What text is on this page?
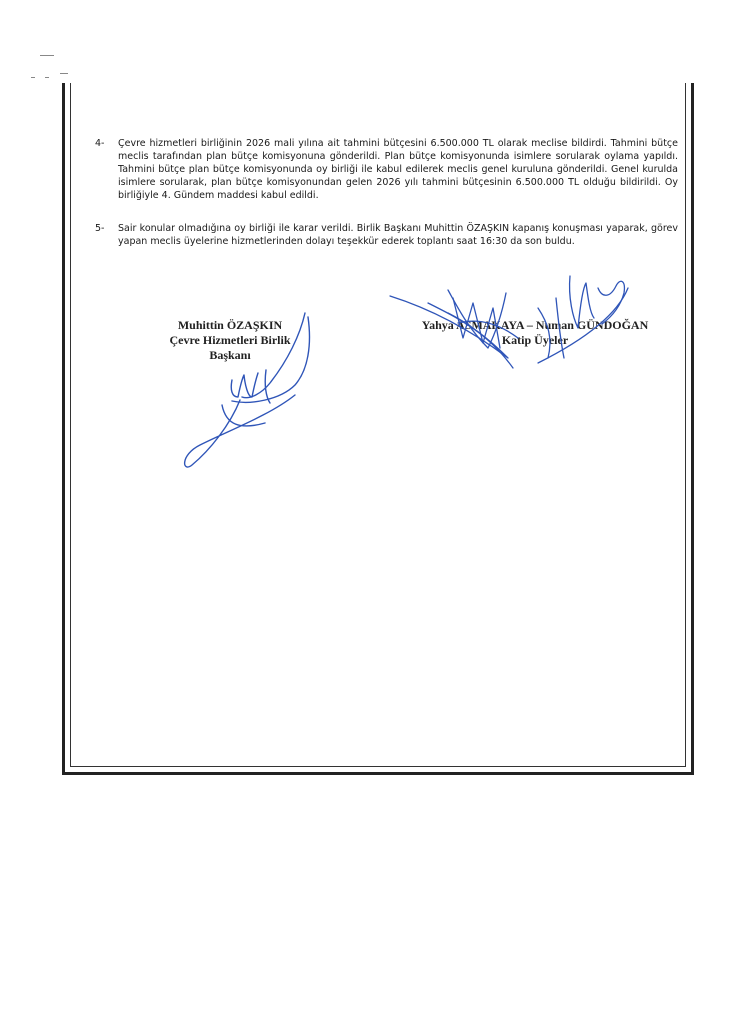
4- Çevre hizmetleri birliğinin 2026 mali yılına ait tahmini bütçesini 6.500.000 TL olarak meclise bildirdi. Tahmini bütçe meclis tarafından plan bütçe komisyonuna gönderildi. Plan bütçe komisyonunda isimlere sorularak oylama yapıldı. Tahmini bütçe plan bütçe komisyonunda oy birliği ile kabul edilerek meclis genel kuruluna gönderildi. Genel kurulda isimlere sorularak, plan bütçe komisyonundan gelen 2026 yılı tahmini bütçesinin 6.500.000 TL olduğu bildirildi. Oy birliğiyle 4. Gündem maddesi kabul edildi.
5- Sair konular olmadığına oy birliği ile karar verildi. Birlik Başkanı Muhittin ÖZAŞKIN kapanış konuşması yaparak, görev yapan meclis üyelerine hizmetlerinden dolayı teşekkür ederek toplantı saat 16:30 da son buldu.
Muhittin ÖZAŞKIN
Çevre Hizmetleri Birlik
Başkanı
Yahya ASMAKAYA – Numan GÜNDOĞAN
Katip Üyeler
